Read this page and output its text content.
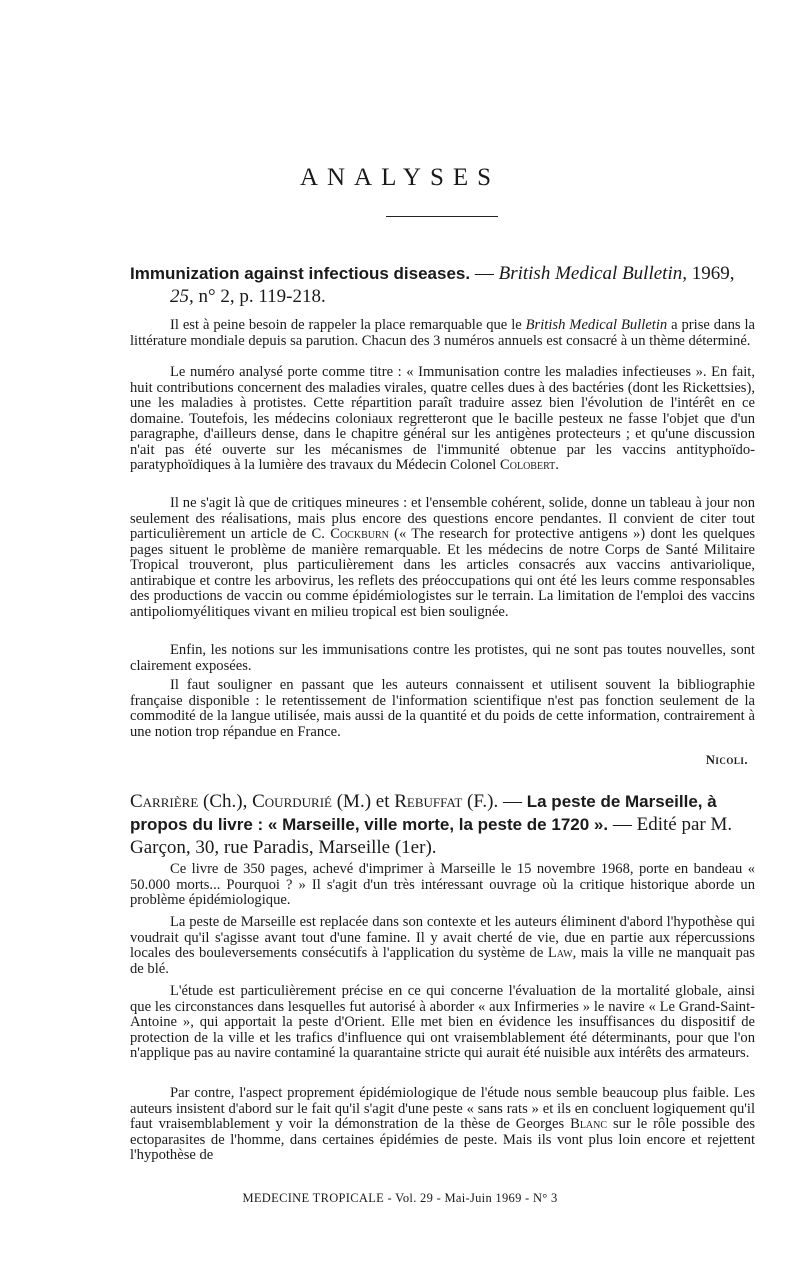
ANALYSES
Immunization against infectious diseases. — British Medical Bulletin, 1969,
25, n° 2, p. 119-218.

Il est à peine besoin de rappeler la place remarquable que le British Medical Bulletin a prise dans la littérature mondiale depuis sa parution. Chacun des 3 numéros annuels est consacré à un thème déterminé.

Le numéro analysé porte comme titre : « Immunisation contre les maladies infectieuses ». En fait, huit contributions concernent des maladies virales, quatre celles dues à des bactéries (dont les Rickettsies), une les maladies à protistes. Cette répartition paraît traduire assez bien l'évolution de l'intérêt en ce domaine. Toutefois, les médecins coloniaux regretteront que le bacille pesteux ne fasse l'objet que d'un paragraphe, d'ailleurs dense, dans le chapitre général sur les antigènes protecteurs ; et qu'une discussion n'ait pas été ouverte sur les mécanismes de l'immunité obtenue par les vaccins antityphoïdo-paratyphoïdiques à la lumière des travaux du Médecin Colonel Colobert.

Il ne s'agit là que de critiques mineures : et l'ensemble cohérent, solide, donne un tableau à jour non seulement des réalisations, mais plus encore des questions encore pendantes. Il convient de citer tout particulièrement un article de C. Cockburn (« The research for protective antigens ») dont les quelques pages situent le problème de manière remarquable. Et les médecins de notre Corps de Santé Militaire Tropical trouveront, plus particulièrement dans les articles consacrés aux vaccins antivariolique, antirabique et contre les arbovirus, les reflets des préoccupations qui ont été les leurs comme responsables des productions de vaccin ou comme épidémiologistes sur le terrain. La limitation de l'emploi des vaccins antipoliomyélitiques vivant en milieu tropical est bien soulignée.

Enfin, les notions sur les immunisations contre les protistes, qui ne sont pas toutes nouvelles, sont clairement exposées.

Il faut souligner en passant que les auteurs connaissent et utilisent souvent la bibliographie française disponible : le retentissement de l'information scientifique n'est pas fonction seulement de la commodité de la langue utilisée, mais aussi de la quantité et du poids de cette information, contrairement à une notion trop répandue en France.

Nicoli.
Carrière (Ch.), Courdurié (M.) et Rebuffat (F.). — La peste de Marseille, à propos du livre : « Marseille, ville morte, la peste de 1720 ». — Edité par M. Garçon, 30, rue Paradis, Marseille (1er).

Ce livre de 350 pages, achevé d'imprimer à Marseille le 15 novembre 1968, porte en bandeau « 50.000 morts... Pourquoi ? » Il s'agit d'un très intéressant ouvrage où la critique historique aborde un problème épidémiologique.

La peste de Marseille est replacée dans son contexte et les auteurs éliminent d'abord l'hypothèse qui voudrait qu'il s'agisse avant tout d'une famine. Il y avait cherté de vie, due en partie aux répercussions locales des bouleversements consécutifs à l'application du système de Law, mais la ville ne manquait pas de blé.

L'étude est particulièrement précise en ce qui concerne l'évaluation de la mortalité globale, ainsi que les circonstances dans lesquelles fut autorisé à aborder « aux Infirmeries » le navire « Le Grand-Saint-Antoine », qui apportait la peste d'Orient. Elle met bien en évidence les insuffisances du dispositif de protection de la ville et les trafics d'influence qui ont vraisemblablement été déterminants, pour que l'on n'applique pas au navire contaminé la quarantaine stricte qui aurait été nuisible aux intérêts des armateurs.

Par contre, l'aspect proprement épidémiologique de l'étude nous semble beaucoup plus faible. Les auteurs insistent d'abord sur le fait qu'il s'agit d'une peste « sans rats » et ils en concluent logiquement qu'il faut vraisemblablement y voir la démonstration de la thèse de Georges Blanc sur le rôle possible des ectoparasites de l'homme, dans certaines épidémies de peste. Mais ils vont plus loin encore et rejettent l'hypothèse de

MEDECINE TROPICALE - Vol. 29 - Mai-Juin 1969 - N° 3
